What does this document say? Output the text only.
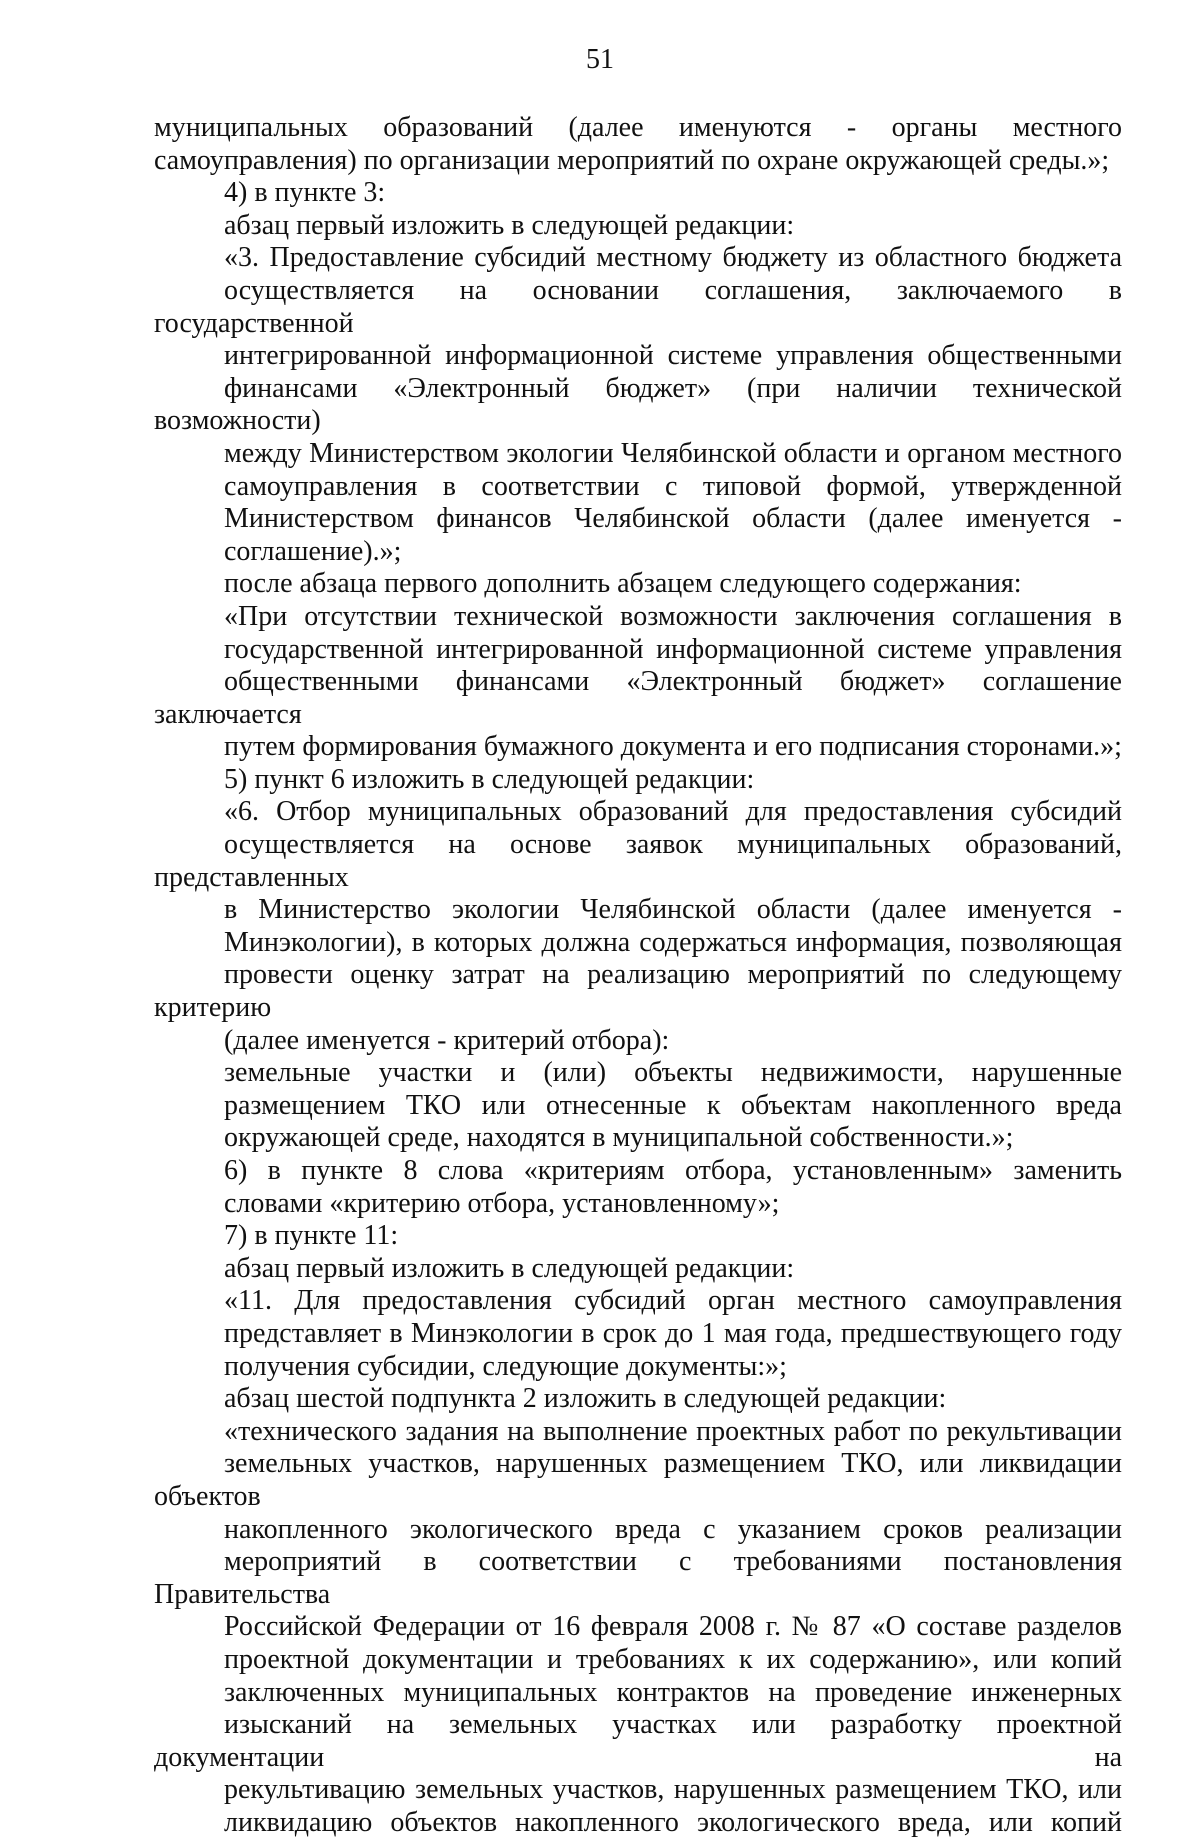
51

муниципальных образований (далее именуются - органы местного
самоуправления) по организации мероприятий по охране окружающей среды.»;

4) в пункте 3:

абзац первый изложить в следующей редакции:

«3. Предоставление субсидий местному бюджету из областного бюджета
осуществляется на основании соглашения, заключаемого в государственной
интегрированной информационной системе управления общественными
финансами «Электронный бюджет» (при наличии технической возможности)
между Министерством экологии Челябинской области и органом местного
самоуправления в соответствии с типовой формой, утвержденной
Министерством финансов Челябинской области (далее именуется -
соглашение).»;

после абзаца первого дополнить абзацем следующего содержания:

«При отсутствии технической возможности заключения соглашения в
государственной интегрированной информационной системе управления
общественными финансами «Электронный бюджет» соглашение заключается
путем формирования бумажного документа и его подписания сторонами.»;

5) пункт 6 изложить в следующей редакции:

«6. Отбор муниципальных образований для предоставления субсидий
осуществляется на основе заявок муниципальных образований, представленных
в Министерство экологии Челябинской области (далее именуется -
Минэкологии), в которых должна содержаться информация, позволяющая
провести оценку затрат на реализацию мероприятий по следующему критерию
(далее именуется - критерий отбора):

земельные участки и (или) объекты недвижимости, нарушенные
размещением ТКО или отнесенные к объектам накопленного вреда
окружающей среде, находятся в муниципальной собственности.»;

6) в пункте 8 слова «критериям отбора, установленным» заменить
словами «критерию отбора, установленному»;

7) в пункте 11:

абзац первый изложить в следующей редакции:

«11. Для предоставления субсидий орган местного самоуправления
представляет в Минэкологии в срок до 1 мая года, предшествующего году
получения субсидии, следующие документы:»;

абзац шестой подпункта 2 изложить в следующей редакции:

«технического задания на выполнение проектных работ по рекультивации
земельных участков, нарушенных размещением ТКО, или ликвидации объектов
накопленного экологического вреда с указанием сроков реализации
мероприятий в соответствии с требованиями постановления Правительства
Российской Федерации от 16 февраля 2008 г. № 87 «О составе разделов
проектной документации и требованиях к их содержанию», или копий
заключенных муниципальных контрактов на проведение инженерных
изысканий на земельных участках или разработку проектной документации на
рекультивацию земельных участков, нарушенных размещением ТКО, или
ликвидацию объектов накопленного экологического вреда, или копий
